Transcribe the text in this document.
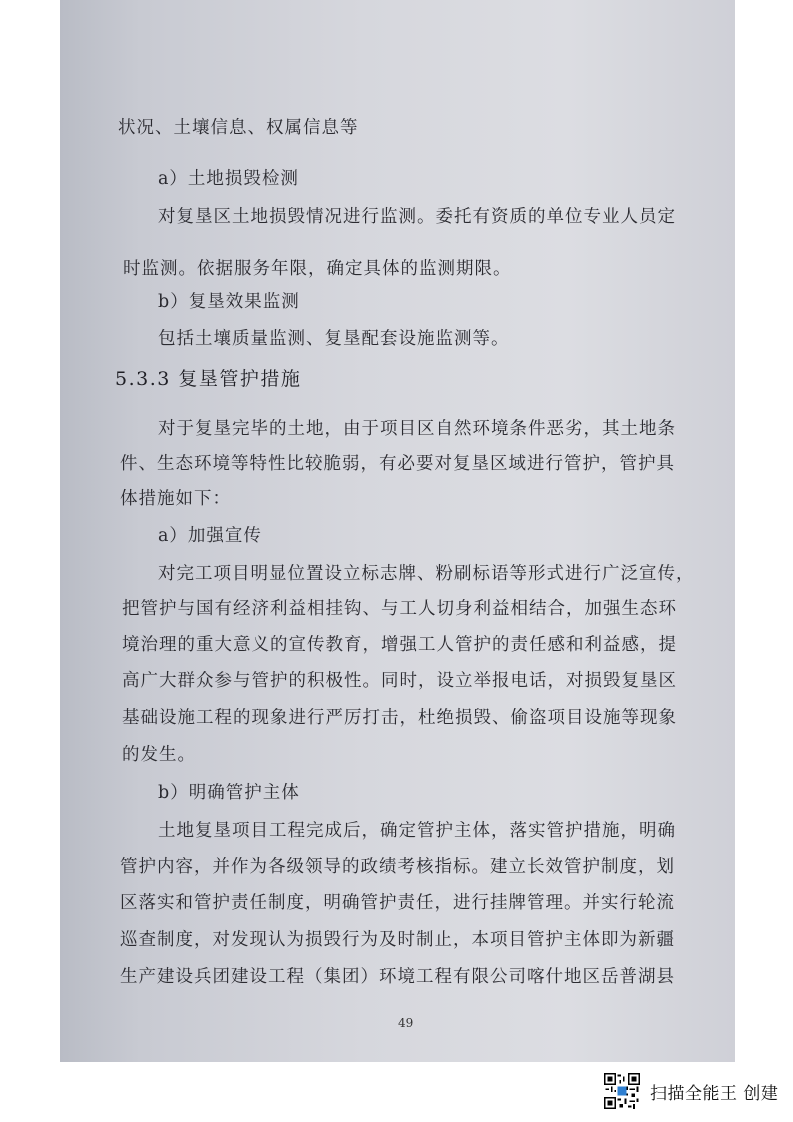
状况、土壤信息、权属信息等

a）土地损毁检测

对复垦区土地损毁情况进行监测。委托有资质的单位专业人员定

时监测。依据服务年限，确定具体的监测期限。

b）复垦效果监测

包括土壤质量监测、复垦配套设施监测等。

5.3.3 复垦管护措施

对于复垦完毕的土地，由于项目区自然环境条件恶劣，其土地条

件、生态环境等特性比较脆弱，有必要对复垦区域进行管护，管护具

体措施如下：

a）加强宣传

对完工项目明显位置设立标志牌、粉刷标语等形式进行广泛宣传，

把管护与国有经济利益相挂钩、与工人切身利益相结合，加强生态环

境治理的重大意义的宣传教育，增强工人管护的责任感和利益感，提

高广大群众参与管护的积极性。同时，设立举报电话，对损毁复垦区

基础设施工程的现象进行严厉打击，杜绝损毁、偷盗项目设施等现象

的发生。

b）明确管护主体

土地复垦项目工程完成后，确定管护主体，落实管护措施，明确

管护内容，并作为各级领导的政绩考核指标。建立长效管护制度，划

区落实和管护责任制度，明确管护责任，进行挂牌管理。并实行轮流

巡查制度，对发现认为损毁行为及时制止，本项目管护主体即为新疆

生产建设兵团建设工程（集团）环境工程有限公司喀什地区岳普湖县

49
扫描全能王 创建
